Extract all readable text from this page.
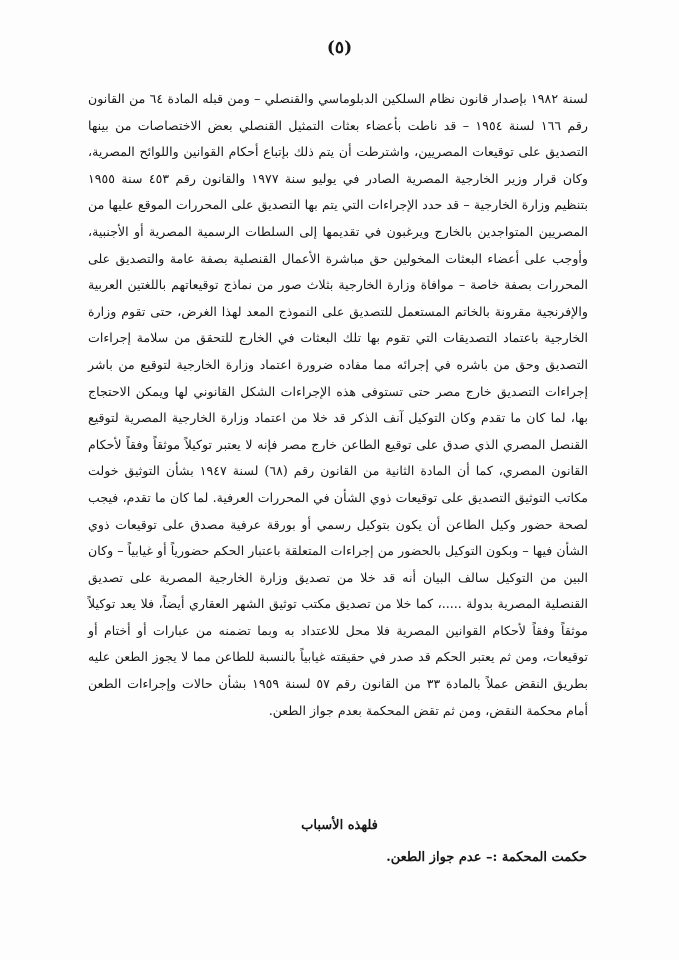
(٥)

لسنة ١٩٨٢ بإصدار قانون نظام السلكين الدبلوماسي والقنصلي – ومن قبله المادة ٦٤ من القانون رقم ١٦٦ لسنة ١٩٥٤ – قد ناطت بأعضاء بعثات التمثيل القنصلي بعض الاختصاصات من بينها التصديق على توقيعات المصريين، واشترطت أن يتم ذلك بإتباع أحكام القوانين واللوائح المصرية، وكان قرار وزير الخارجية المصرية الصادر في يوليو سنة ١٩٧٧ والقانون رقم ٤٥٣ سنة ١٩٥٥ بتنظيم وزارة الخارجية – قد حدد الإجراءات التي يتم بها التصديق على المحررات الموقع عليها من المصريين المتواجدين بالخارج ويرغبون في تقديمها إلى السلطات الرسمية المصرية أو الأجنبية، وأوجب على أعضاء البعثات المخولين حق مباشرة الأعمال القنصلية بصفة عامة والتصديق على المحررات بصفة خاصة – موافاة وزارة الخارجية بثلاث صور من نماذج توقيعاتهم باللغتين العربية والإفرنجية مقرونة بالخاتم المستعمل للتصديق على النموذج المعد لهذا الغرض، حتى تقوم وزارة الخارجية باعتماد التصديقات التي تقوم بها تلك البعثات في الخارج للتحقق من سلامة إجراءات التصديق وحق من باشره في إجرائه مما مفاده ضرورة اعتماد وزارة الخارجية لتوقيع من باشر إجراءات التصديق خارج مصر حتى تستوفى هذه الإجراءات الشكل القانوني لها ويمكن الاحتجاج بها، لما كان ما تقدم وكان التوكيل آنف الذكر قد خلا من اعتماد وزارة الخارجية المصرية لتوقيع القنصل المصري الذي صدق على توقيع الطاعن خارج مصر فإنه لا يعتبر توكيلاً موثقاً وفقاً لأحكام القانون المصري، كما أن المادة الثانية من القانون رقم (٦٨) لسنة ١٩٤٧ بشأن التوثيق خولت مكاتب التوثيق التصديق على توقيعات ذوي الشأن في المحررات العرفية. لما كان ما تقدم، فيجب لصحة حضور وكيل الطاعن أن يكون بتوكيل رسمي أو بورقة عرفية مصدق على توقيعات ذوي الشأن فيها – وبكون التوكيل بالحضور من إجراءات المتعلقة باعتبار الحكم حضورياً أو غيابياً – وكان البين من التوكيل سالف البيان أنه قد خلا من تصديق وزارة الخارجية المصرية على تصديق القنصلية المصرية بدولة .....، كما خلا من تصديق مكتب توثيق الشهر العقاري أيضاً، فلا يعد توكيلاً موثقاً وفقاً لأحكام القوانين المصرية فلا محل للاعتداد به وبما تضمنه من عبارات أو أختام أو توقيعات، ومن ثم يعتبر الحكم قد صدر في حقيقته غيابياً بالنسبة للطاعن مما لا يجوز الطعن عليه بطريق النقض عملاً بالمادة ٣٣ من القانون رقم ٥٧ لسنة ١٩٥٩ بشأن حالات وإجراءات الطعن أمام محكمة النقض، ومن ثم تقض المحكمة بعدم جواز الطعن.

فلهذه الأسباب
حكمت المحكمة :– عدم جواز الطعن.
